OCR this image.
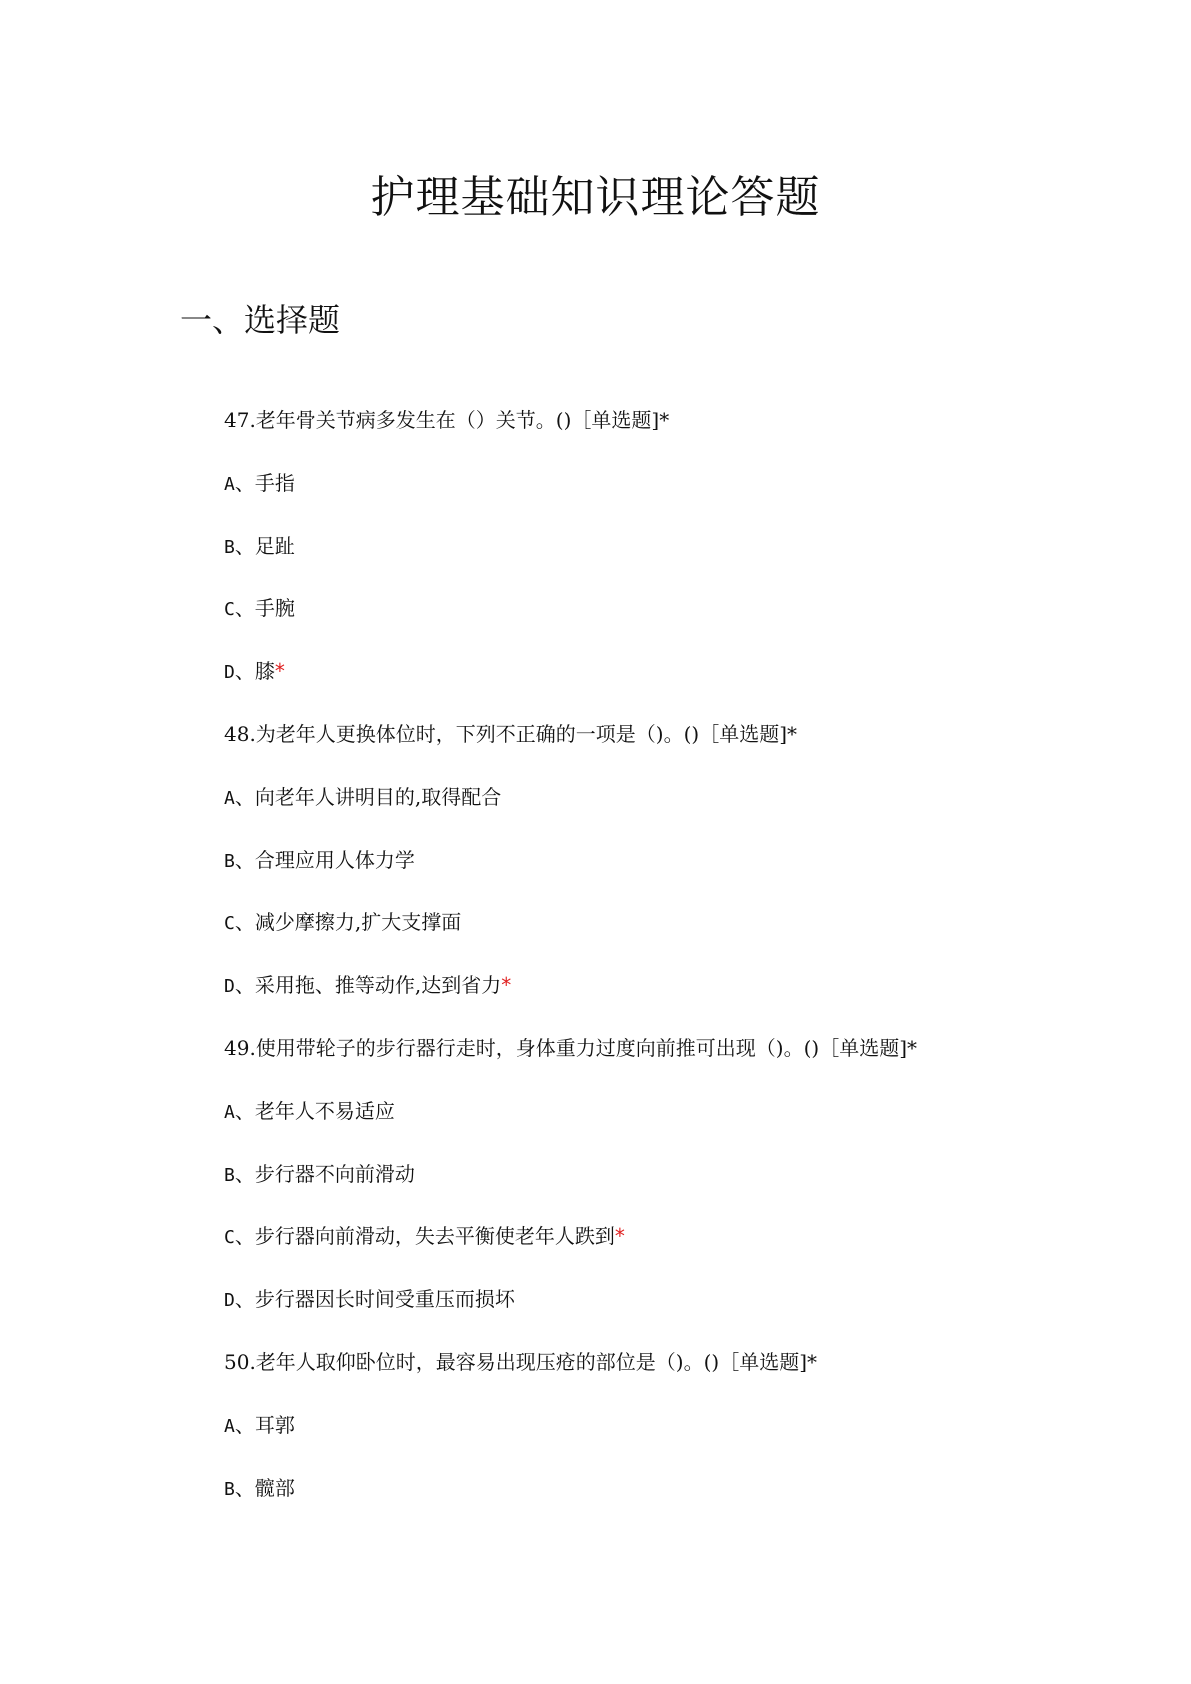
护理基础知识理论答题
一、选择题
47.老年骨关节病多发生在（）关节。()［单选题]*
A、手指
B、足趾
C、手腕
D、膝*
48.为老年人更换体位时，下列不正确的一项是（)。()［单选题]*
A、向老年人讲明目的,取得配合
B、合理应用人体力学
C、减少摩擦力,扩大支撑面
D、采用拖、推等动作,达到省力*
49.使用带轮子的步行器行走时，身体重力过度向前推可出现（)。()［单选题]*
A、老年人不易适应
B、步行器不向前滑动
C、步行器向前滑动，失去平衡使老年人跌到*
D、步行器因长时间受重压而损坏
50.老年人取仰卧位时，最容易出现压疮的部位是（)。()［单选题]*
A、耳郭
B、髋部
